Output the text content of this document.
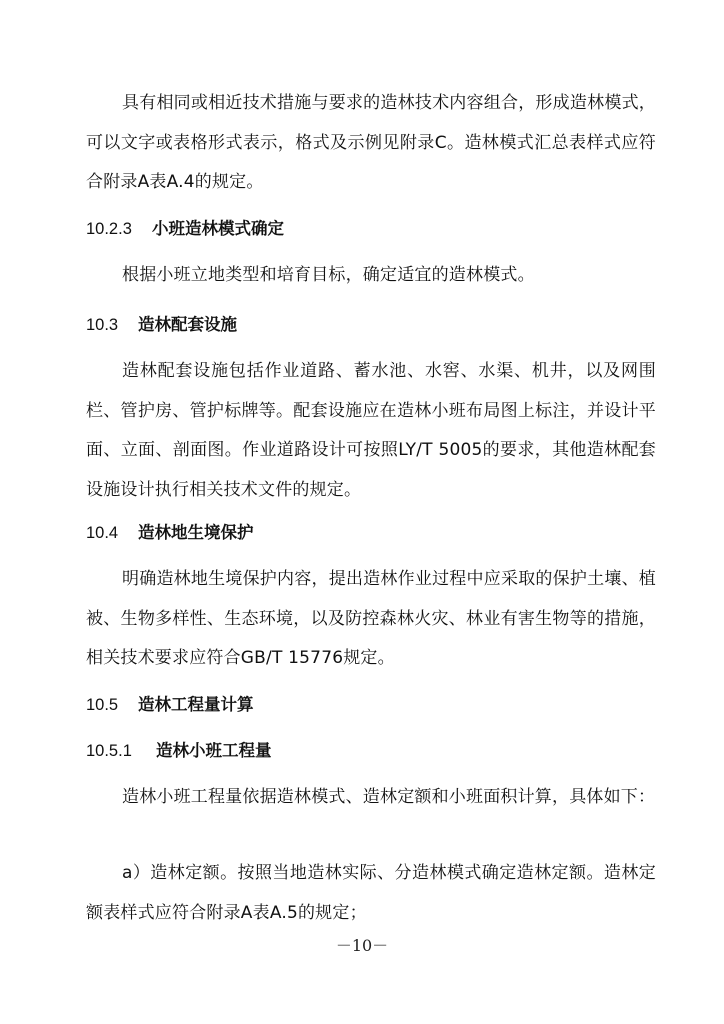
具有相同或相近技术措施与要求的造林技术内容组合，形成造林模式，可以文字或表格形式表示，格式及示例见附录C。造林模式汇总表样式应符合附录A表A.4的规定。

10.2.3 小班造林模式确定

根据小班立地类型和培育目标，确定适宜的造林模式。

10.3 造林配套设施

造林配套设施包括作业道路、蓄水池、水窖、水渠、机井，以及网围栏、管护房、管护标牌等。配套设施应在造林小班布局图上标注，并设计平面、立面、剖面图。作业道路设计可按照LY/T 5005的要求，其他造林配套设施设计执行相关技术文件的规定。

10.4 造林地生境保护

明确造林地生境保护内容，提出造林作业过程中应采取的保护土壤、植被、生物多样性、生态环境，以及防控森林火灾、林业有害生物等的措施，相关技术要求应符合GB/T 15776规定。

10.5 造林工程量计算

10.5.1 造林小班工程量

造林小班工程量依据造林模式、造林定额和小班面积计算，具体如下：

a）造林定额。按照当地造林实际、分造林模式确定造林定额。造林定额表样式应符合附录A表A.5的规定；

－10－
